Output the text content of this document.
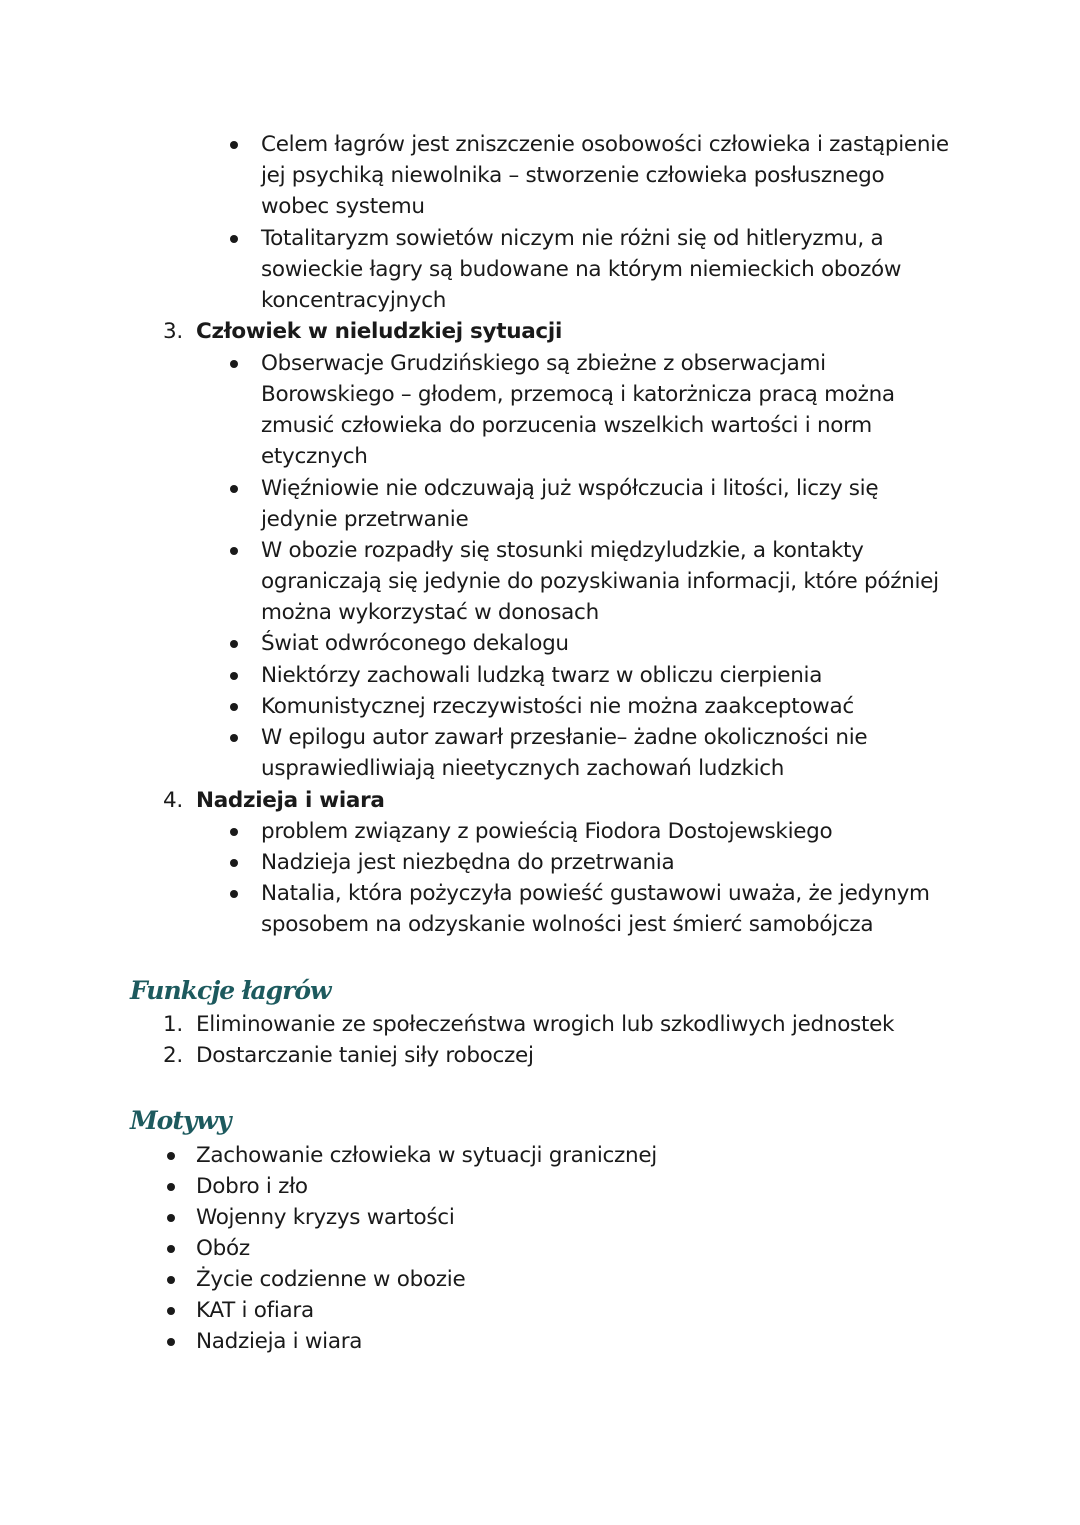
Celem łagrów jest zniszczenie osobowości człowieka i zastąpienie
jej psychiką niewolnika – stworzenie człowieka posłusznego
wobec systemu
Totalitaryzm sowietów niczym nie różni się od hitleryzmu, a
sowieckie łagry są budowane na którym niemieckich obozów
koncentracyjnych
3. Człowiek w nieludzkiej sytuacji
Obserwacje Grudzińskiego są zbieżne z obserwacjami
Borowskiego – głodem, przemocą i katorżnicza pracą można
zmusić człowieka do porzucenia wszelkich wartości i norm
etycznych
Więźniowie nie odczuwają już współczucia i litości, liczy się
jedynie przetrwanie
W obozie rozpadły się stosunki międzyludzkie, a kontakty
ograniczają się jedynie do pozyskiwania informacji, które później
można wykorzystać w donosach
Świat odwróconego dekalogu
Niektórzy zachowali ludzką twarz w obliczu cierpienia
Komunistycznej rzeczywistości nie można zaakceptować
W epilogu autor zawarł przesłanie– żadne okoliczności nie
usprawiedliwiają nieetycznych zachowań ludzkich
4. Nadzieja i wiara
problem związany z powieścią Fiodora Dostojewskiego
Nadzieja jest niezbędna do przetrwania
Natalia, która pożyczyła powieść gustawowi uważa, że jedynym
sposobem na odzyskanie wolności jest śmierć samobójcza
Funkcje łagrów
1. Eliminowanie ze społeczeństwa wrogich lub szkodliwych jednostek
2. Dostarczanie taniej siły roboczej
Motywy
Zachowanie człowieka w sytuacji granicznej
Dobro i zło
Wojenny kryzys wartości
Obóz
Życie codzienne w obozie
KAT i ofiara
Nadzieja i wiara
